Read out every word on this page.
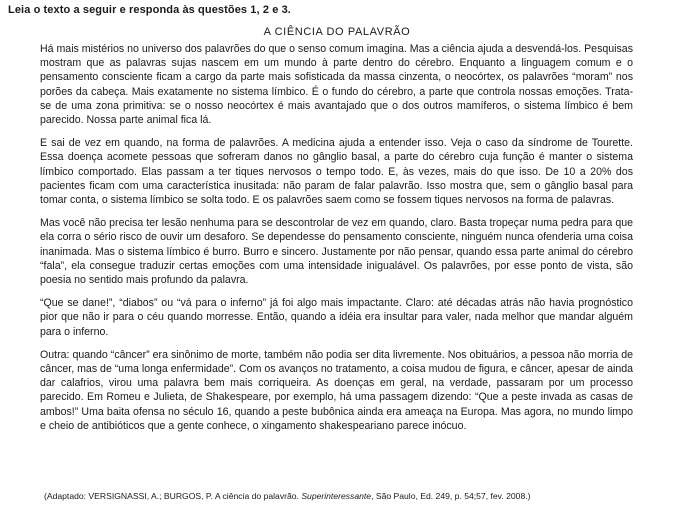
Leia o texto a seguir e responda às questões 1, 2 e 3.
A CIÊNCIA DO PALAVRÃO

Há mais mistérios no universo dos palavrões do que o senso comum imagina. Mas a ciência ajuda a desvendá-los. Pesquisas mostram que as palavras sujas nascem em um mundo à parte dentro do cérebro. Enquanto a linguagem comum e o pensamento consciente ficam a cargo da parte mais sofisticada da massa cinzenta, o neocórtex, os palavrões “moram” nos porões da cabeça. Mais exatamente no sistema límbico. É o fundo do cérebro, a parte que controla nossas emoções. Trata-se de uma zona primitiva: se o nosso neocórtex é mais avantajado que o dos outros mamíferos, o sistema límbico é bem parecido. Nossa parte animal fica lá.

E sai de vez em quando, na forma de palavrões. A medicina ajuda a entender isso. Veja o caso da síndrome de Tourette. Essa doença acomete pessoas que sofreram danos no gânglio basal, a parte do cérebro cuja função é manter o sistema límbico comportado. Elas passam a ter tiques nervosos o tempo todo. E, às vezes, mais do que isso. De 10 a 20% dos pacientes ficam com uma característica inusitada: não param de falar palavrão. Isso mostra que, sem o gânglio basal para tomar conta, o sistema límbico se solta todo. E os palavrões saem como se fossem tiques nervosos na forma de palavras.

Mas você não precisa ter lesão nenhuma para se descontrolar de vez em quando, claro. Basta tropeçar numa pedra para que ela corra o sério risco de ouvir um desaforo. Se dependesse do pensamento consciente, ninguém nunca ofenderia uma coisa inanimada. Mas o sistema límbico é burro. Burro e sincero. Justamente por não pensar, quando essa parte animal do cérebro “fala”, ela consegue traduzir certas emoções com uma intensidade inigualável. Os palavrões, por esse ponto de vista, são poesia no sentido mais profundo da palavra.

“Que se dane!”, “diabos” ou “vá para o inferno” já foi algo mais impactante. Claro: até décadas atrás não havia prognóstico pior que não ir para o céu quando morresse. Então, quando a idéia era insultar para valer, nada melhor que mandar alguém para o inferno.

Outra: quando “câncer” era sinônimo de morte, também não podia ser dita livremente. Nos obituários, a pessoa não morria de câncer, mas de “uma longa enfermidade”. Com os avanços no tratamento, a coisa mudou de figura, e câncer, apesar de ainda dar calafrios, virou uma palavra bem mais corriqueira. As doenças em geral, na verdade, passaram por um processo parecido. Em Romeu e Julieta, de Shakespeare, por exemplo, há uma passagem dizendo: “Que a peste invada as casas de ambos!” Uma baita ofensa no século 16, quando a peste bubônica ainda era ameaça na Europa. Mas agora, no mundo limpo e cheio de antibióticos que a gente conhece, o xingamento shakespeariano parece inócuo.

(Adaptado: VERSIGNASSI, A.; BURGOS, P. A ciência do palavrão. Superinteressante, São Paulo, Ed. 249, p. 54;57, fev. 2008.)
